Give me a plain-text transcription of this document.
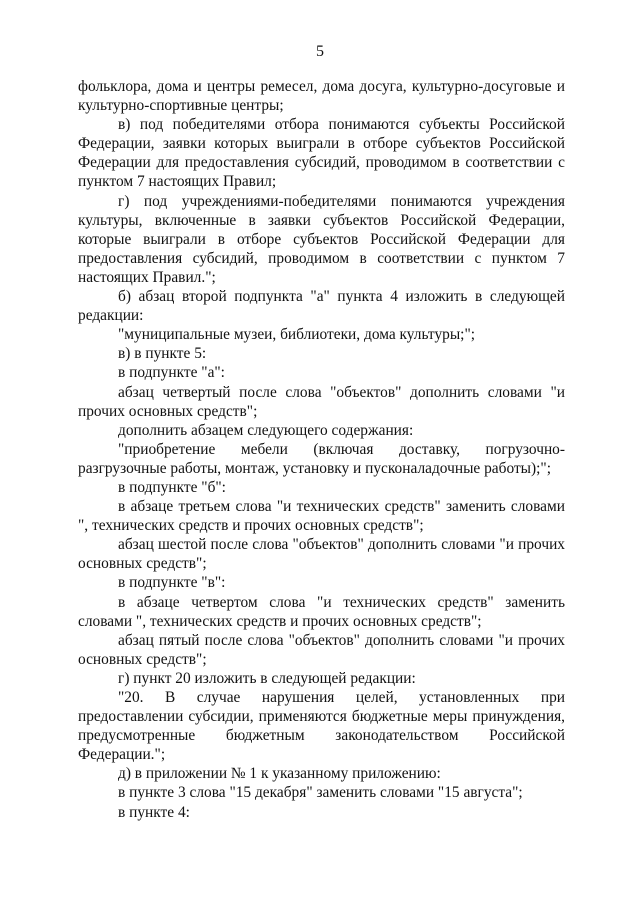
5

фольклора, дома и центры ремесел, дома досуга, культурно-досуговые и культурно-спортивные центры;

в) под победителями отбора понимаются субъекты Российской Федерации, заявки которых выиграли в отборе субъектов Российской Федерации для предоставления субсидий, проводимом в соответствии с пунктом 7 настоящих Правил;

г) под учреждениями-победителями понимаются учреждения культуры, включенные в заявки субъектов Российской Федерации, которые выиграли в отборе субъектов Российской Федерации для предоставления субсидий, проводимом в соответствии с пунктом 7 настоящих Правил.";

б) абзац второй подпункта "а" пункта 4 изложить в следующей редакции:

"муниципальные музеи, библиотеки, дома культуры;";

в) в пункте 5:

в подпункте "а":

абзац четвертый после слова "объектов" дополнить словами "и прочих основных средств";

дополнить абзацем следующего содержания:

"приобретение мебели (включая доставку, погрузочно-разгрузочные работы, монтаж, установку и пусконаладочные работы);";

в подпункте "б":

в абзаце третьем слова "и технических средств" заменить словами ", технических средств и прочих основных средств";

абзац шестой после слова "объектов" дополнить словами "и прочих основных средств";

в подпункте "в":

в абзаце четвертом слова "и технических средств" заменить словами ", технических средств и прочих основных средств";

абзац пятый после слова "объектов" дополнить словами "и прочих основных средств";

г) пункт 20 изложить в следующей редакции:

"20. В случае нарушения целей, установленных при предоставлении субсидии, применяются бюджетные меры принуждения, предусмотренные бюджетным законодательством Российской Федерации.";

д) в приложении № 1 к указанному приложению:

в пункте 3 слова "15 декабря" заменить словами "15 августа";

в пункте 4:
